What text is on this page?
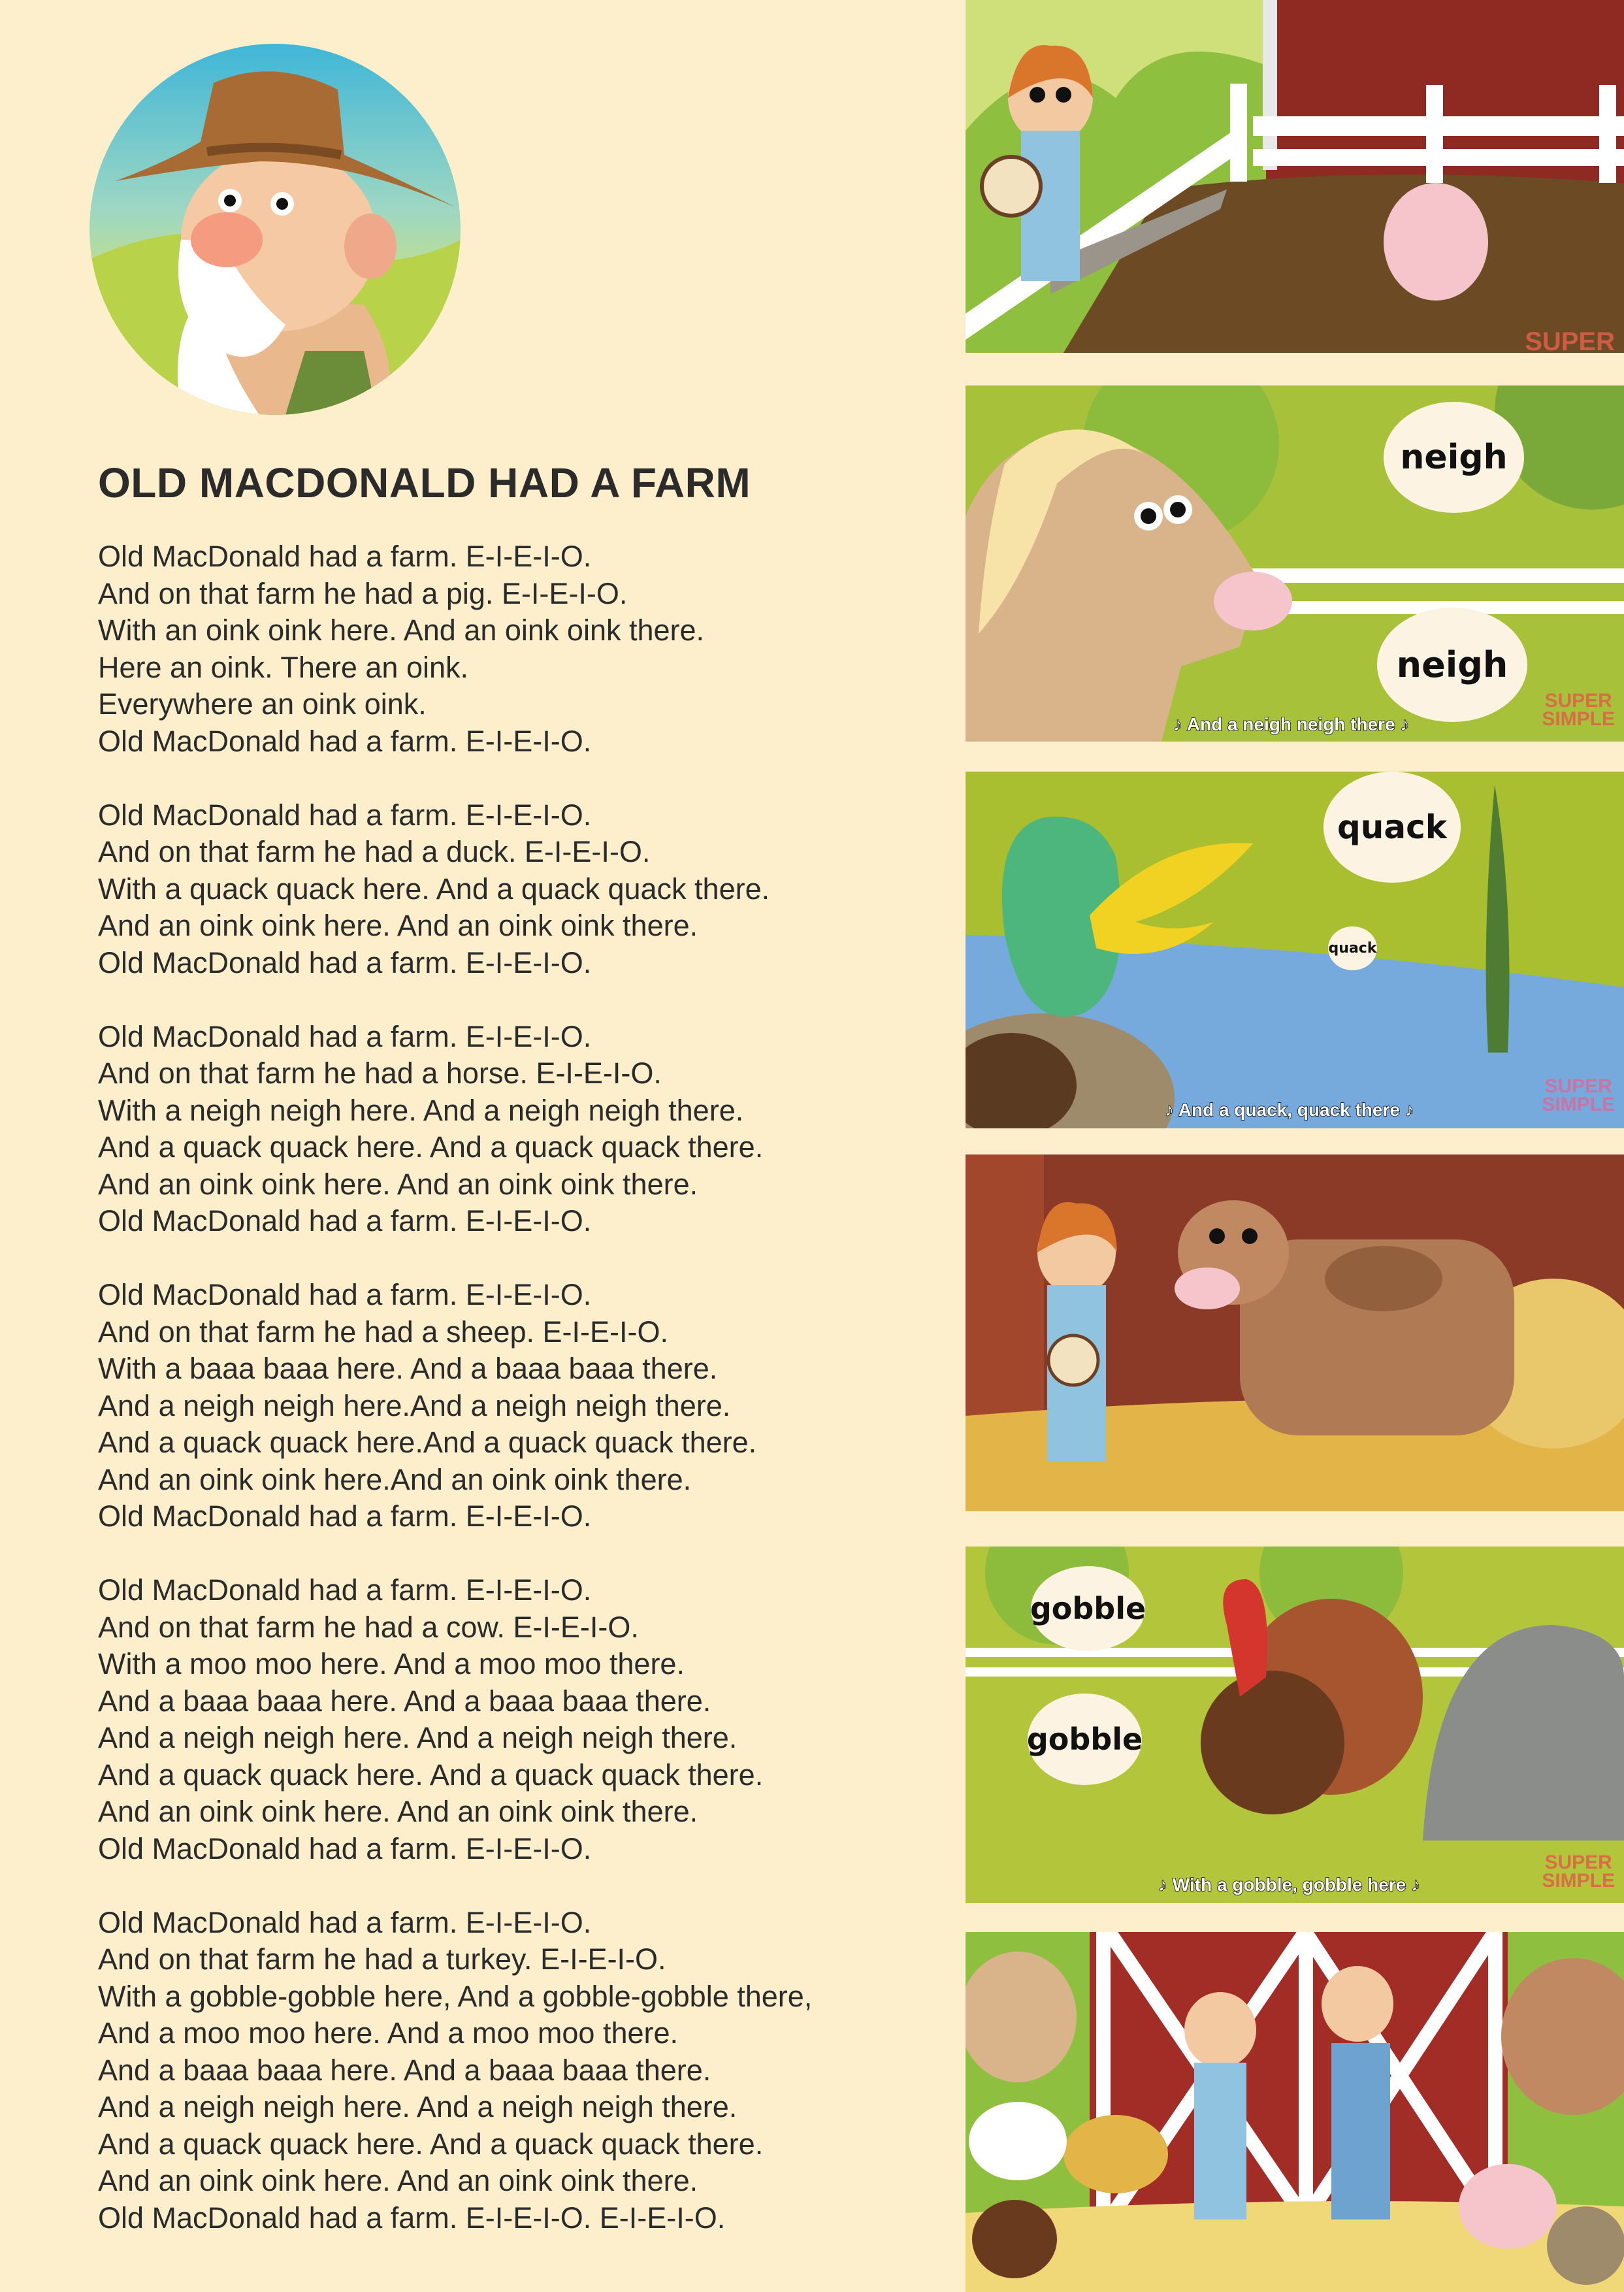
OLD MACDONALD HAD A FARM
Old MacDonald had a farm. E-I-E-I-O.
And on that farm he had a pig. E-I-E-I-O.
With an oink oink here. And an oink oink there.
Here an oink. There an oink.
Everywhere an oink oink.
Old MacDonald had a farm. E-I-E-I-O.
Old MacDonald had a farm. E-I-E-I-O.
And on that farm he had a duck. E-I-E-I-O.
With a quack quack here. And a quack quack there.
And an oink oink here. And an oink oink there.
Old MacDonald had a farm. E-I-E-I-O.
Old MacDonald had a farm. E-I-E-I-O.
And on that farm he had a horse. E-I-E-I-O.
With a neigh neigh here. And a neigh neigh there.
And a quack quack here. And a quack quack there.
And an oink oink here. And an oink oink there.
Old MacDonald had a farm. E-I-E-I-O.
Old MacDonald had a farm. E-I-E-I-O.
And on that farm he had a sheep. E-I-E-I-O.
With a baaa baaa here. And a baaa baaa there.
And a neigh neigh here.And a neigh neigh there.
And a quack quack here.And a quack quack there.
And an oink oink here.And an oink oink there.
Old MacDonald had a farm. E-I-E-I-O.
Old MacDonald had a farm. E-I-E-I-O.
And on that farm he had a cow. E-I-E-I-O.
With a moo moo here. And a moo moo there.
And a baaa baaa here. And a baaa baaa there.
And a neigh neigh here. And a neigh neigh there.
And a quack quack here. And a quack quack there.
And an oink oink here. And an oink oink there.
Old MacDonald had a farm. E-I-E-I-O.
Old MacDonald had a farm. E-I-E-I-O.
And on that farm he had a turkey. E-I-E-I-O.
With a gobble-gobble here, And a gobble-gobble there,
And a moo moo here. And a moo moo there.
And a baaa baaa here. And a baaa baaa there.
And a neigh neigh here. And a neigh neigh there.
And a quack quack here. And a quack quack there.
And an oink oink here. And an oink oink there.
Old MacDonald had a farm. E-I-E-I-O. E-I-E-I-O.
SUPER
neigh
neigh
♪ And a neigh neigh there ♪
SUPER
SIMPLE
quack
quack
♪ And a quack, quack there ♪
SUPER
SIMPLE
gobble
gobble
♪ With a gobble, gobble here ♪
SUPER
SIMPLE
